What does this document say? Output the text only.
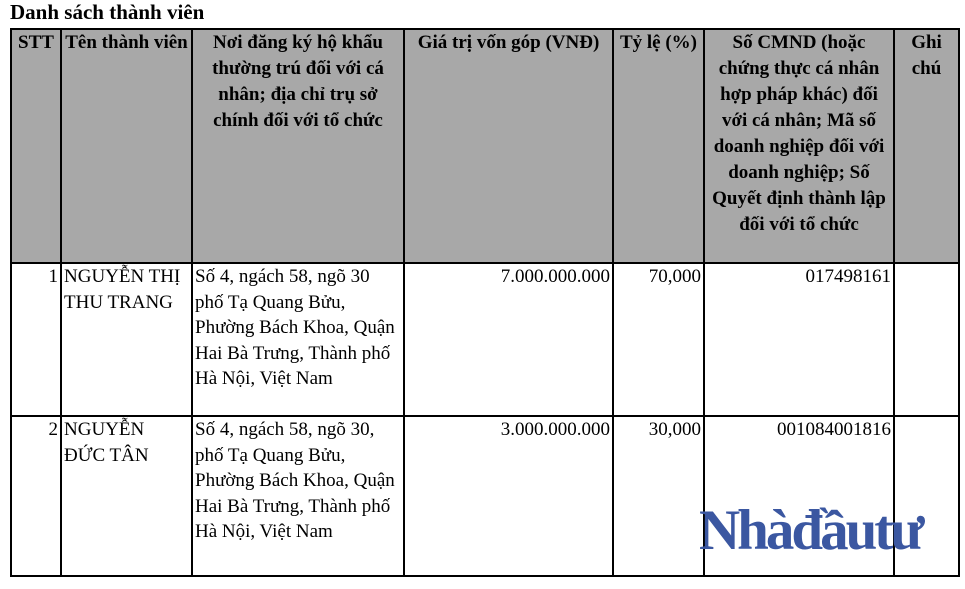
Danh sách thành viên
STT	Tên thành viên	Nơi đăng ký hộ khẩu thường trú đối với cá nhân; địa chỉ trụ sở chính đối với tổ chức	Giá trị vốn góp (VNĐ)	Tỷ lệ (%)	Số CMND (hoặc chứng thực cá nhân hợp pháp khác) đối với cá nhân; Mã số doanh nghiệp đối với doanh nghiệp; Số Quyết định thành lập đối với tổ chức	Ghi chú
1	NGUYỄN THỊ THU TRANG	Số 4, ngách 58, ngõ 30 phố Tạ Quang Bửu, Phường Bách Khoa, Quận Hai Bà Trưng, Thành phố Hà Nội, Việt Nam	7.000.000.000	70,000	017498161	
2	NGUYỄN ĐỨC TÂN	Số 4, ngách 58, ngõ 30, phố Tạ Quang Bửu, Phường Bách Khoa, Quận Hai Bà Trưng, Thành phố Hà Nội, Việt Nam	3.000.000.000	30,000	001084001816	
Nhàđầutư
